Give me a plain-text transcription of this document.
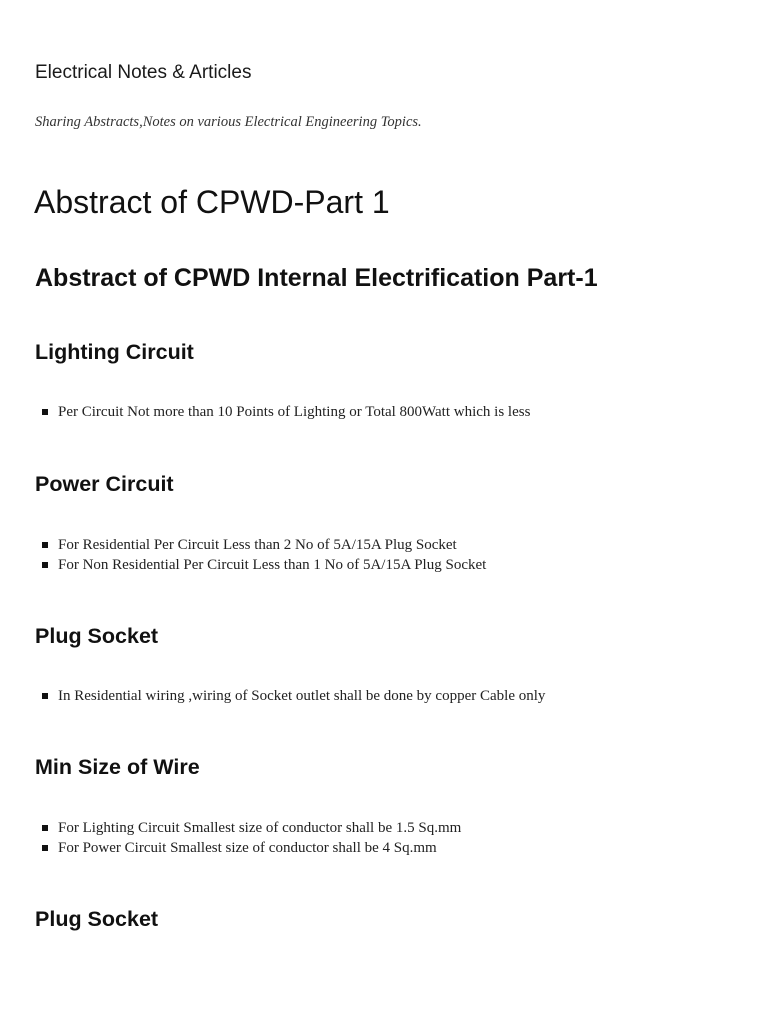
Electrical Notes & Articles

Sharing Abstracts,Notes on various Electrical Engineering Topics.

Abstract of CPWD-Part 1
Abstract of CPWD Internal Electrification Part-1
Lighting Circuit
Per Circuit Not more than 10 Points of Lighting or Total 800Watt which is less
Power Circuit
For Residential Per Circuit Less than 2 No of 5A/15A Plug Socket
For Non Residential Per Circuit Less than 1 No of 5A/15A Plug Socket
Plug Socket
In Residential wiring ,wiring of Socket outlet shall be done by copper Cable only
Min Size of Wire
For Lighting Circuit Smallest size of conductor shall be 1.5 Sq.mm
For Power Circuit Smallest size of conductor shall be 4 Sq.mm
Plug Socket
